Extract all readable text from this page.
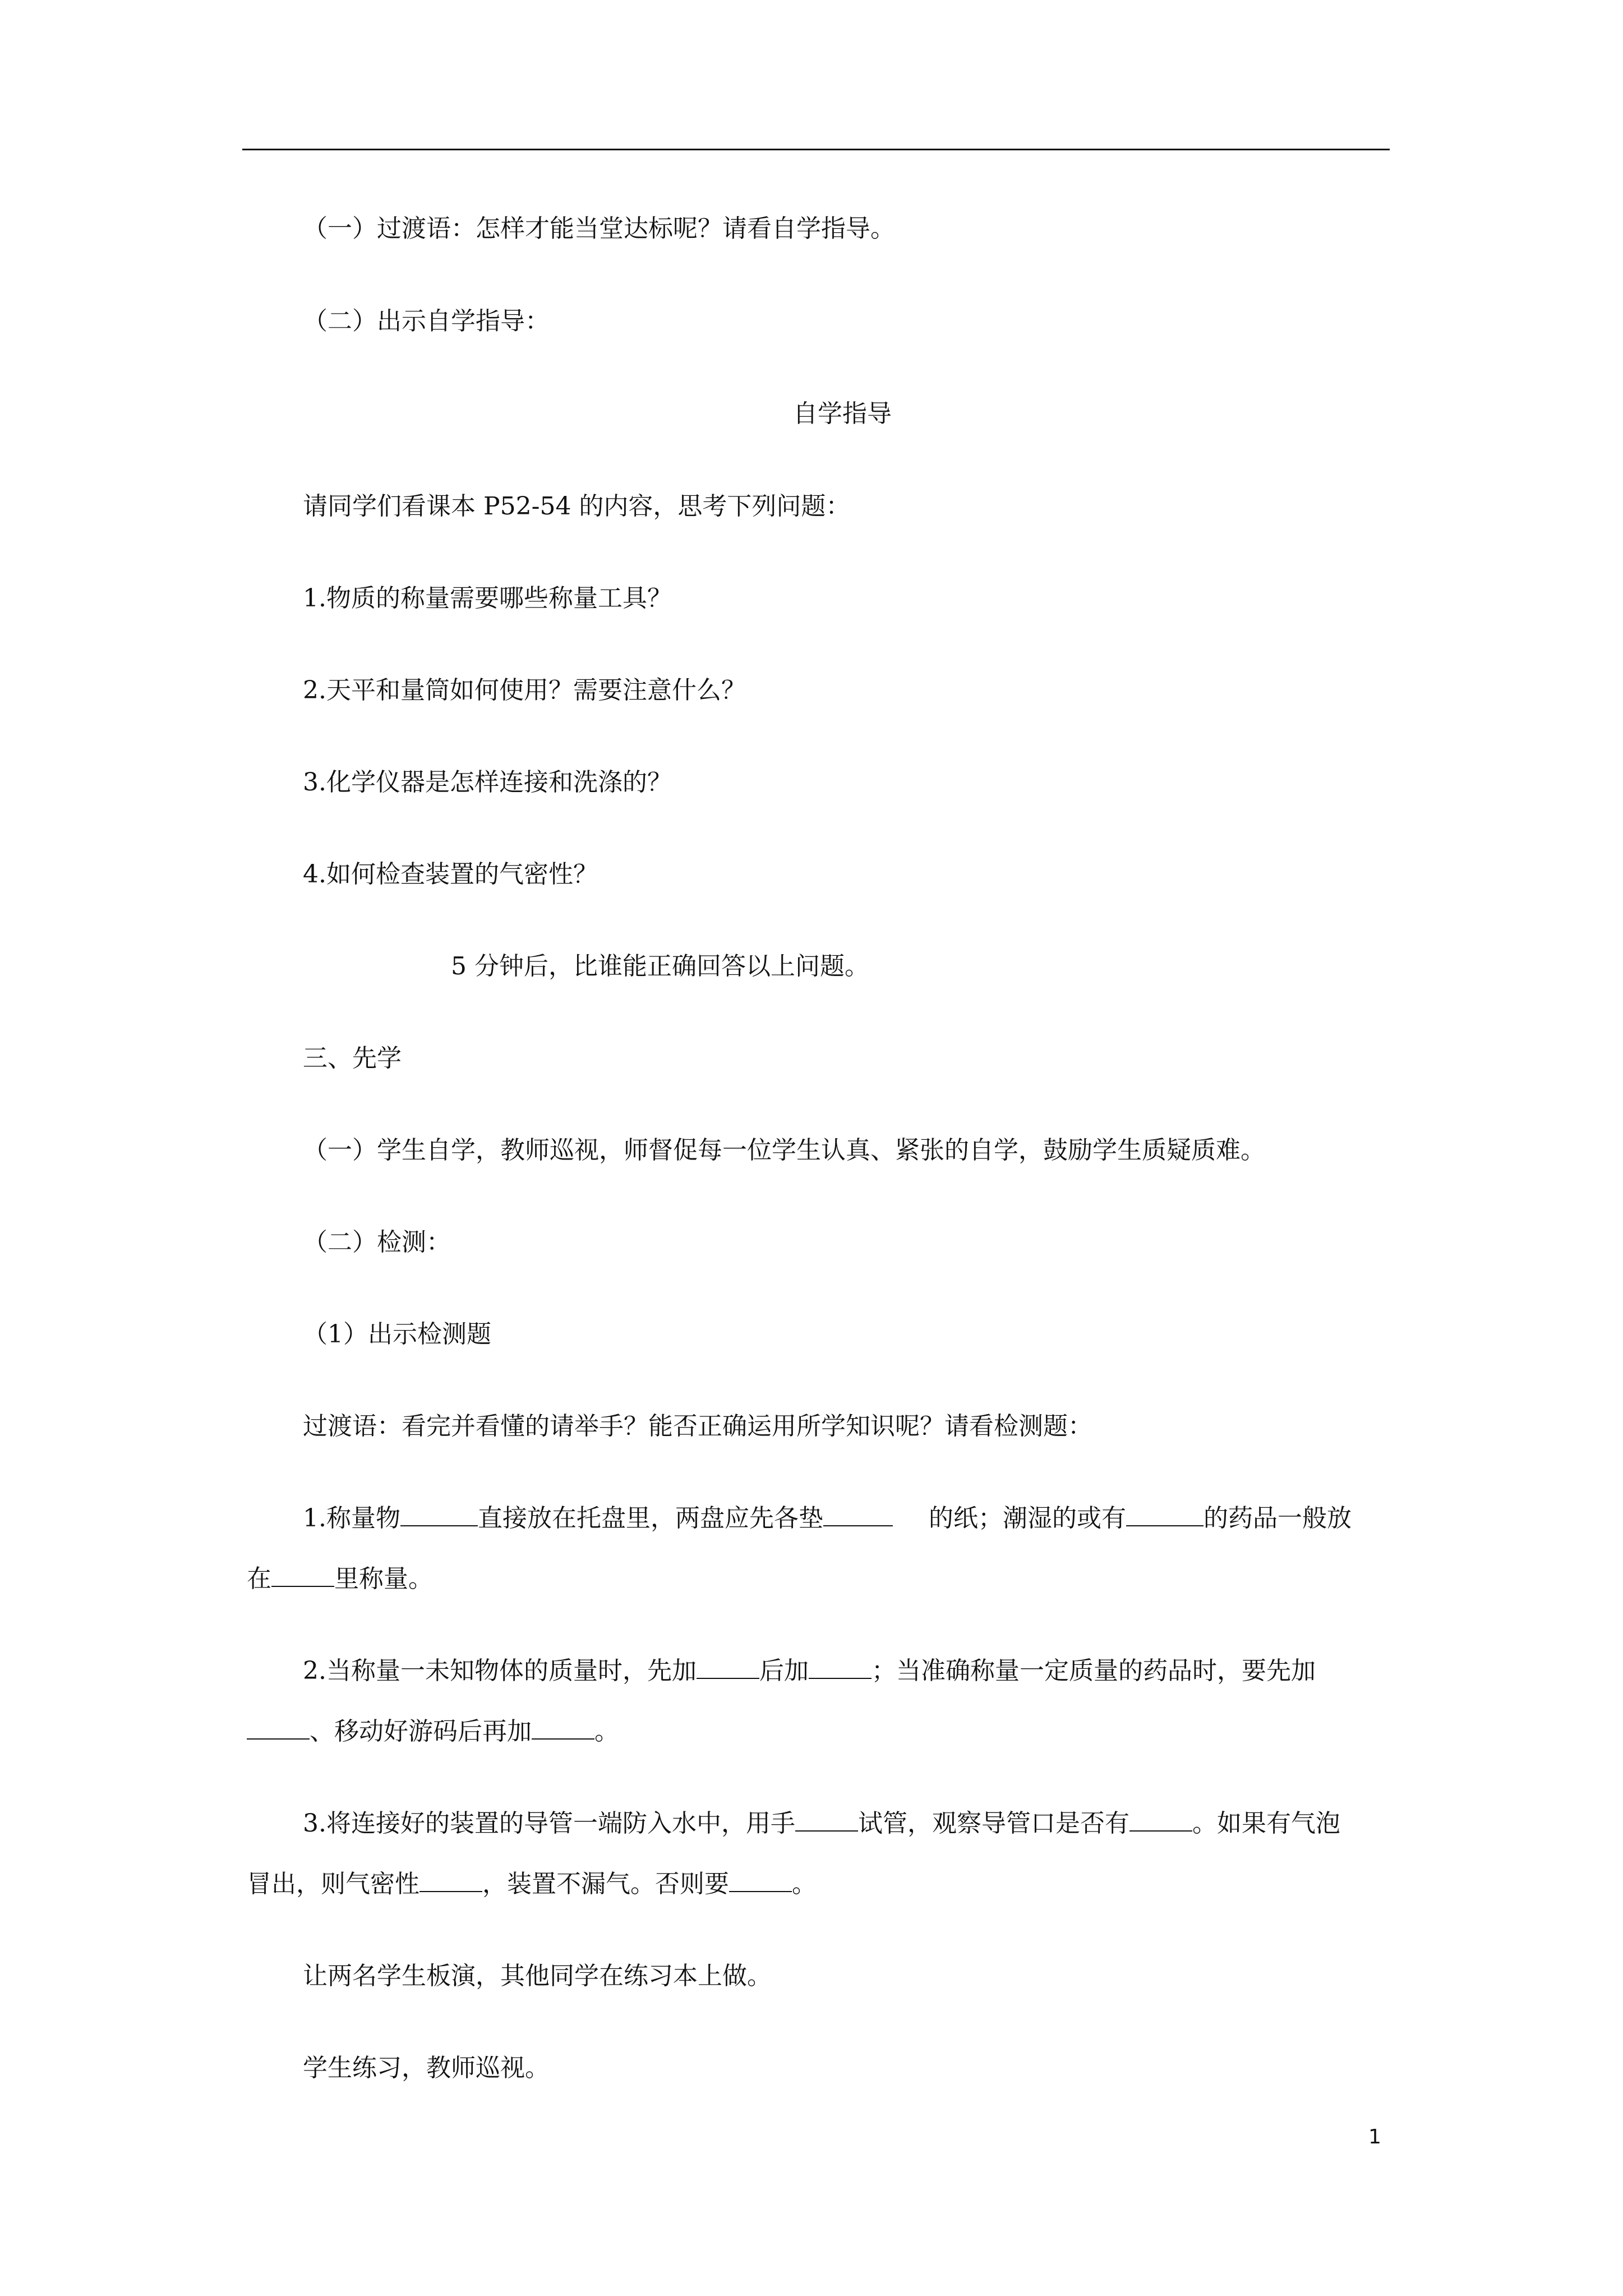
（一）过渡语：怎样才能当堂达标呢？请看自学指导。

（二）出示自学指导：

自学指导

请同学们看课本 P52-54 的内容，思考下列问题：

1.物质的称量需要哪些称量工具？

2.天平和量筒如何使用？需要注意什么？

3.化学仪器是怎样连接和洗涤的？

4.如何检查装置的气密性？

5 分钟后，比谁能正确回答以上问题。

三、先学

（一）学生自学，教师巡视，师督促每一位学生认真、紧张的自学，鼓励学生质疑质难。

（二）检测：

（1）出示检测题

过渡语：看完并看懂的请举手？能否正确运用所学知识呢？请看检测题：

1.称量物	直接放在托盘里，两盘应先各垫	的纸；潮湿的或有	的药品一般放

在	里称量。

2.当称量一未知物体的质量时，先加	后加	；当准确称量一定质量的药品时，要先加

、移动好游码后再加	。

3.将连接好的装置的导管一端防入水中，用手	试管，观察导管口是否有	。如果有气泡

冒出，则气密性	，装置不漏气。否则要	。

让两名学生板演，其他同学在练习本上做。

学生练习，教师巡视。

1
